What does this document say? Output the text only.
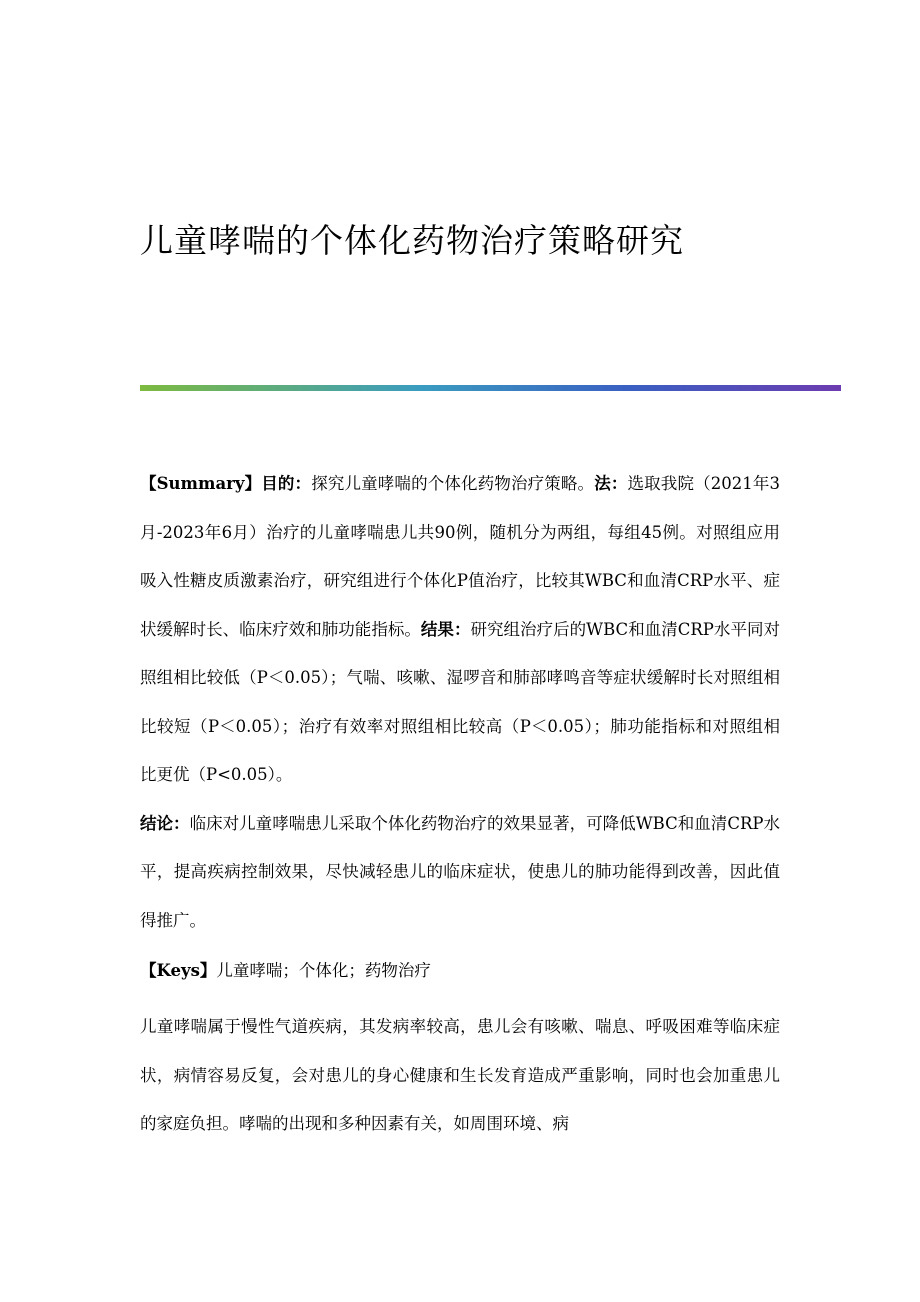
儿童哮喘的个体化药物治疗策略研究

【Summary】目的：探究儿童哮喘的个体化药物治疗策略。法：选取我院（2021年3月-2023年6月）治疗的儿童哮喘患儿共90例，随机分为两组，每组45例。对照组应用吸入性糖皮质激素治疗，研究组进行个体化P值治疗，比较其WBC和血清CRP水平、症状缓解时长、临床疗效和肺功能指标。结果：研究组治疗后的WBC和血清CRP水平同对照组相比较低（P＜0.05）；气喘、咳嗽、湿啰音和肺部哮鸣音等症状缓解时长对照组相比较短（P＜0.05）；治疗有效率对照组相比较高（P＜0.05）；肺功能指标和对照组相比更优（P<0.05）。
结论：临床对儿童哮喘患儿采取个体化药物治疗的效果显著，可降低WBC和血清CRP水平，提高疾病控制效果，尽快减轻患儿的临床症状，使患儿的肺功能得到改善，因此值得推广。

【Keys】儿童哮喘；个体化；药物治疗

儿童哮喘属于慢性气道疾病，其发病率较高，患儿会有咳嗽、喘息、呼吸困难等临床症状，病情容易反复，会对患儿的身心健康和生长发育造成严重影响，同时也会加重患儿的家庭负担。哮喘的出现和多种因素有关，如周围环境、病
